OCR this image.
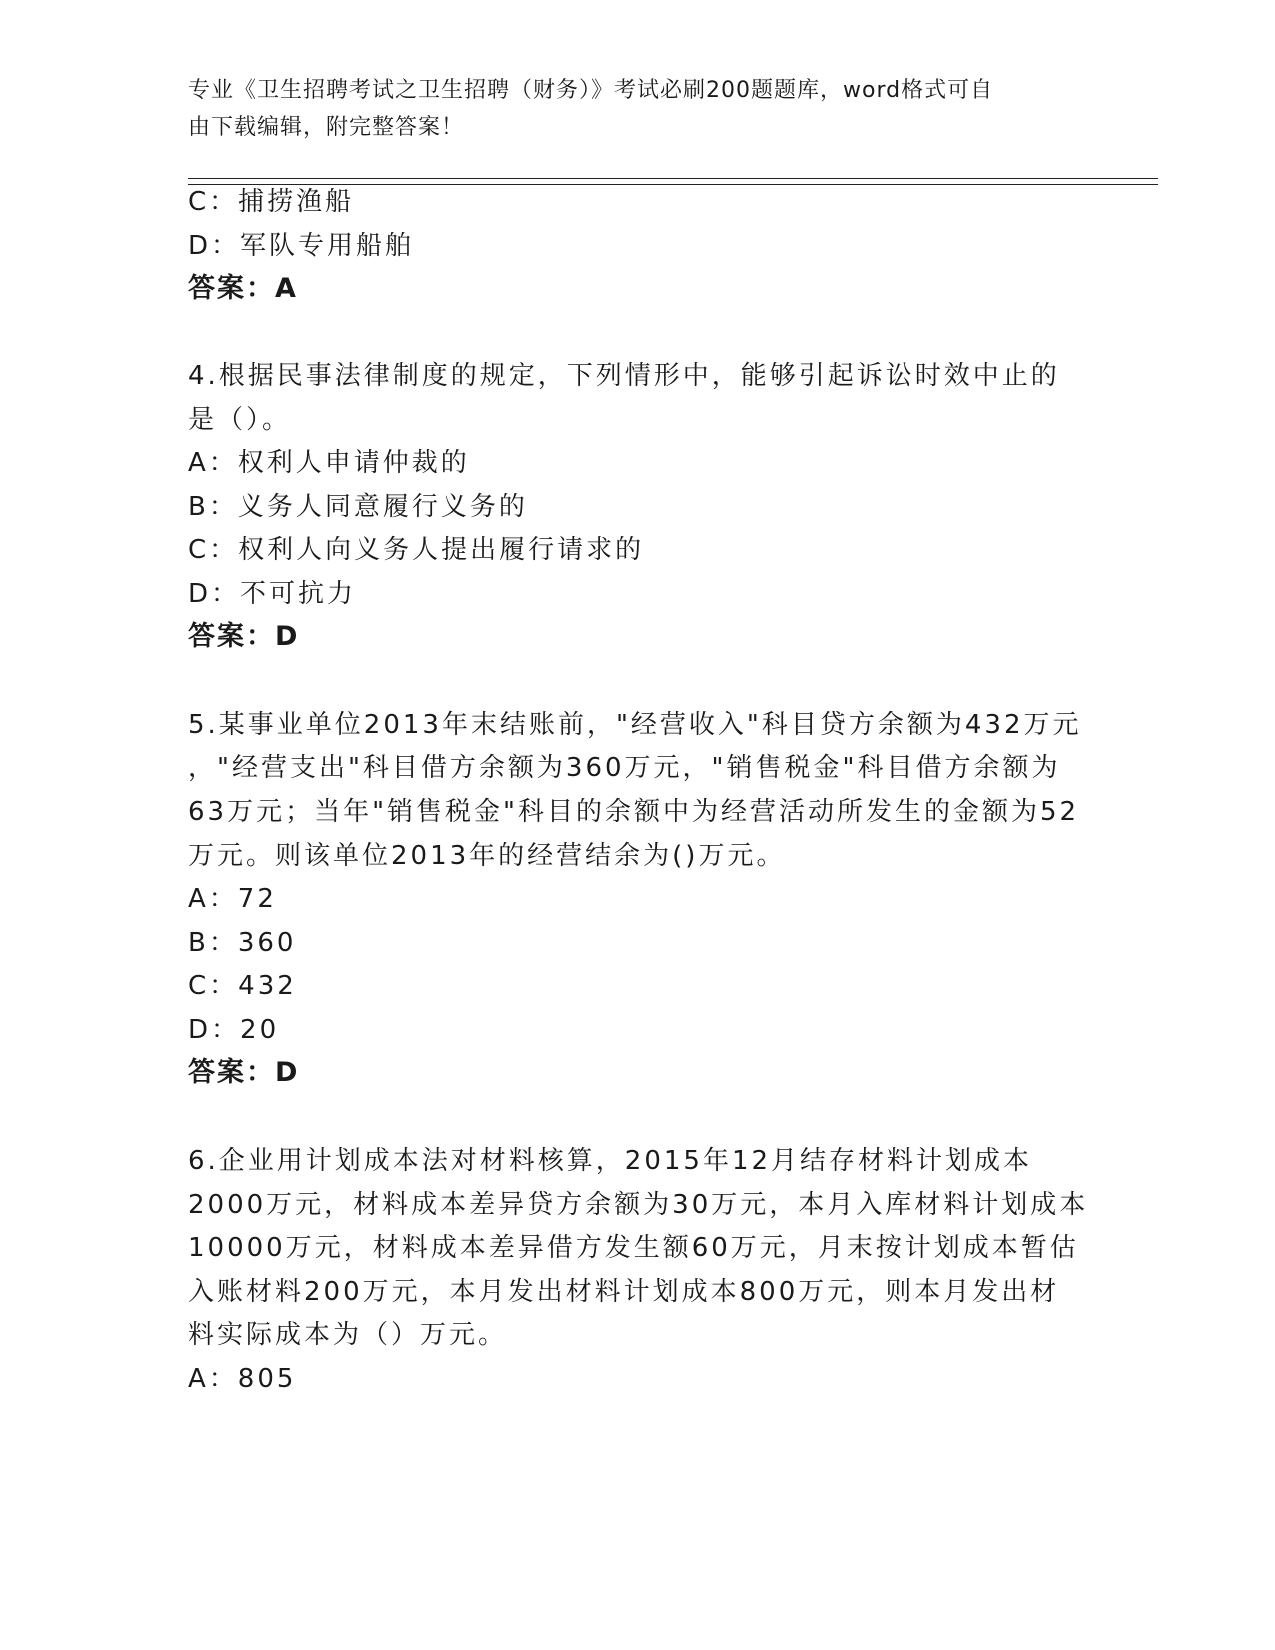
专业《卫生招聘考试之卫生招聘（财务）》考试必刷200题题库，word格式可自
由下载编辑，附完整答案！
C：捕捞渔船
D：军队专用船舶
答案：A
4.根据民事法律制度的规定，下列情形中，能够引起诉讼时效中止的
是（）。
A：权利人申请仲裁的
B：义务人同意履行义务的
C：权利人向义务人提出履行请求的
D：不可抗力
答案：D
5.某事业单位2013年末结账前，"经营收入"科目贷方余额为432万元
，"经营支出"科目借方余额为360万元，"销售税金"科目借方余额为
63万元；当年"销售税金"科目的余额中为经营活动所发生的金额为52
万元。则该单位2013年的经营结余为()万元。
A：72
B：360
C：432
D：20
答案：D
6.企业用计划成本法对材料核算，2015年12月结存材料计划成本
2000万元，材料成本差异贷方余额为30万元，本月入库材料计划成本
10000万元，材料成本差异借方发生额60万元，月末按计划成本暂估
入账材料200万元，本月发出材料计划成本800万元，则本月发出材
料实际成本为（）万元。
A：805
